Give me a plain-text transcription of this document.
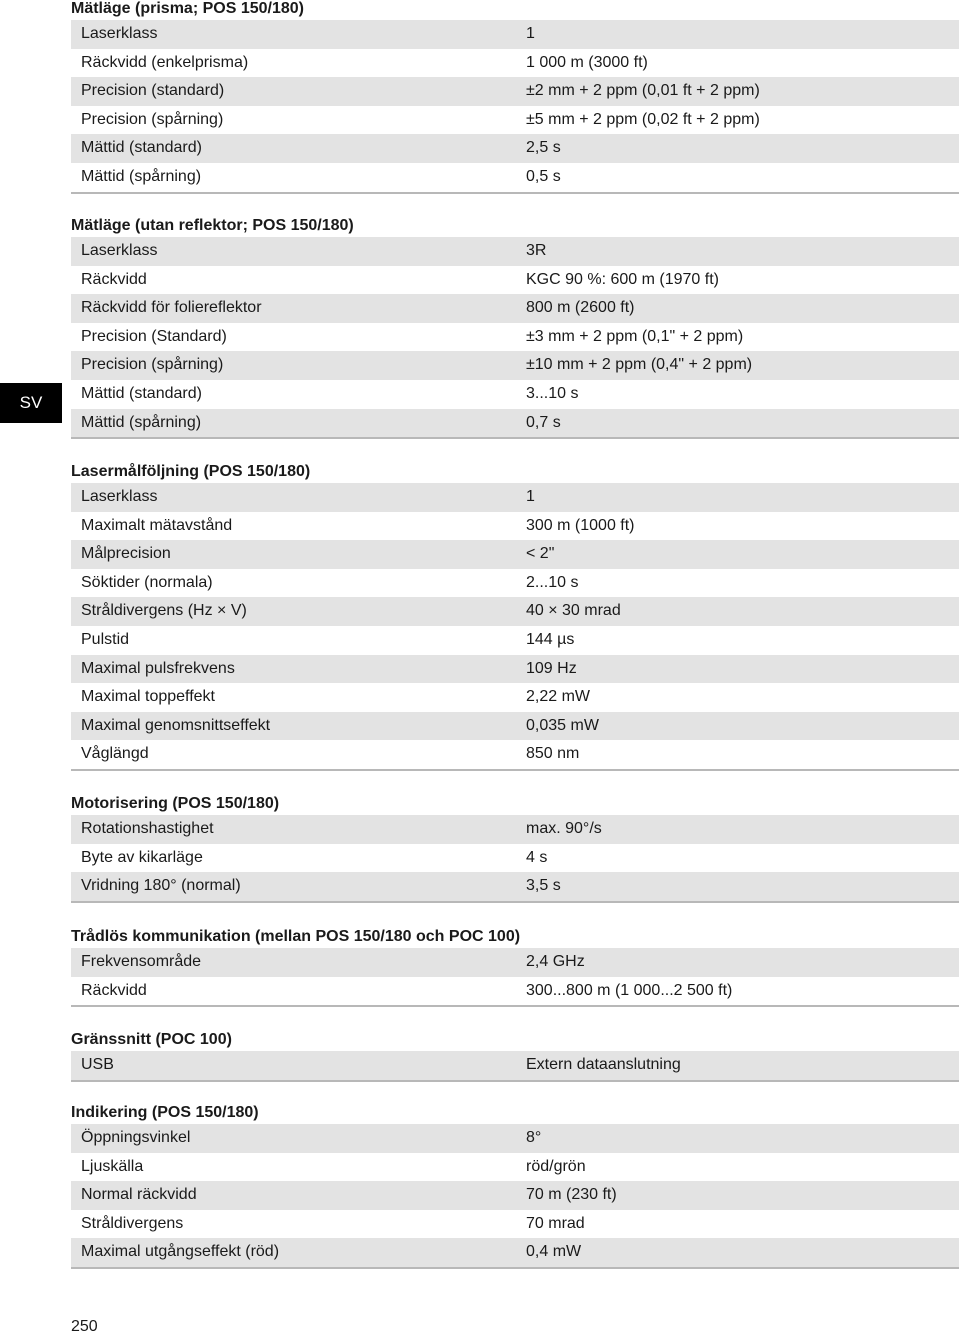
SV
Mätläge (prisma; POS 150/180)
Laserklass	1
Räckvidd (enkelprisma)	1 000 m (3000 ft)
Precision (standard)	±2 mm + 2 ppm (0,01 ft + 2 ppm)
Precision (spårning)	±5 mm + 2 ppm (0,02 ft + 2 ppm)
Mättid (standard)	2,5 s
Mättid (spårning)	0,5 s
Mätläge (utan reflektor; POS 150/180)
Laserklass	3R
Räckvidd	KGC 90 %: 600 m (1970 ft)
Räckvidd för foliereflektor	800 m (2600 ft)
Precision (Standard)	±3 mm + 2 ppm (0,1" + 2 ppm)
Precision (spårning)	±10 mm + 2 ppm (0,4" + 2 ppm)
Mättid (standard)	3...10 s
Mättid (spårning)	0,7 s
Lasermålföljning (POS 150/180)
Laserklass	1
Maximalt mätavstånd	300 m (1000 ft)
Målprecision	< 2"
Söktider (normala)	2...10 s
Stråldivergens (Hz × V)	40 × 30 mrad
Pulstid	144 µs
Maximal pulsfrekvens	109 Hz
Maximal toppeffekt	2,22 mW
Maximal genomsnittseffekt	0,035 mW
Våglängd	850 nm
Motorisering (POS 150/180)
Rotationshastighet	max. 90°/s
Byte av kikarläge	4 s
Vridning 180° (normal)	3,5 s
Trådlös kommunikation (mellan POS 150/180 och POC 100)
Frekvensområde	2,4 GHz
Räckvidd	300...800 m (1 000...2 500 ft)
Gränssnitt (POC 100)
USB	Extern dataanslutning
Indikering (POS 150/180)
Öppningsvinkel	8°
Ljuskälla	röd/grön
Normal räckvidd	70 m (230 ft)
Stråldivergens	70 mrad
Maximal utgångseffekt (röd)	0,4 mW
250
